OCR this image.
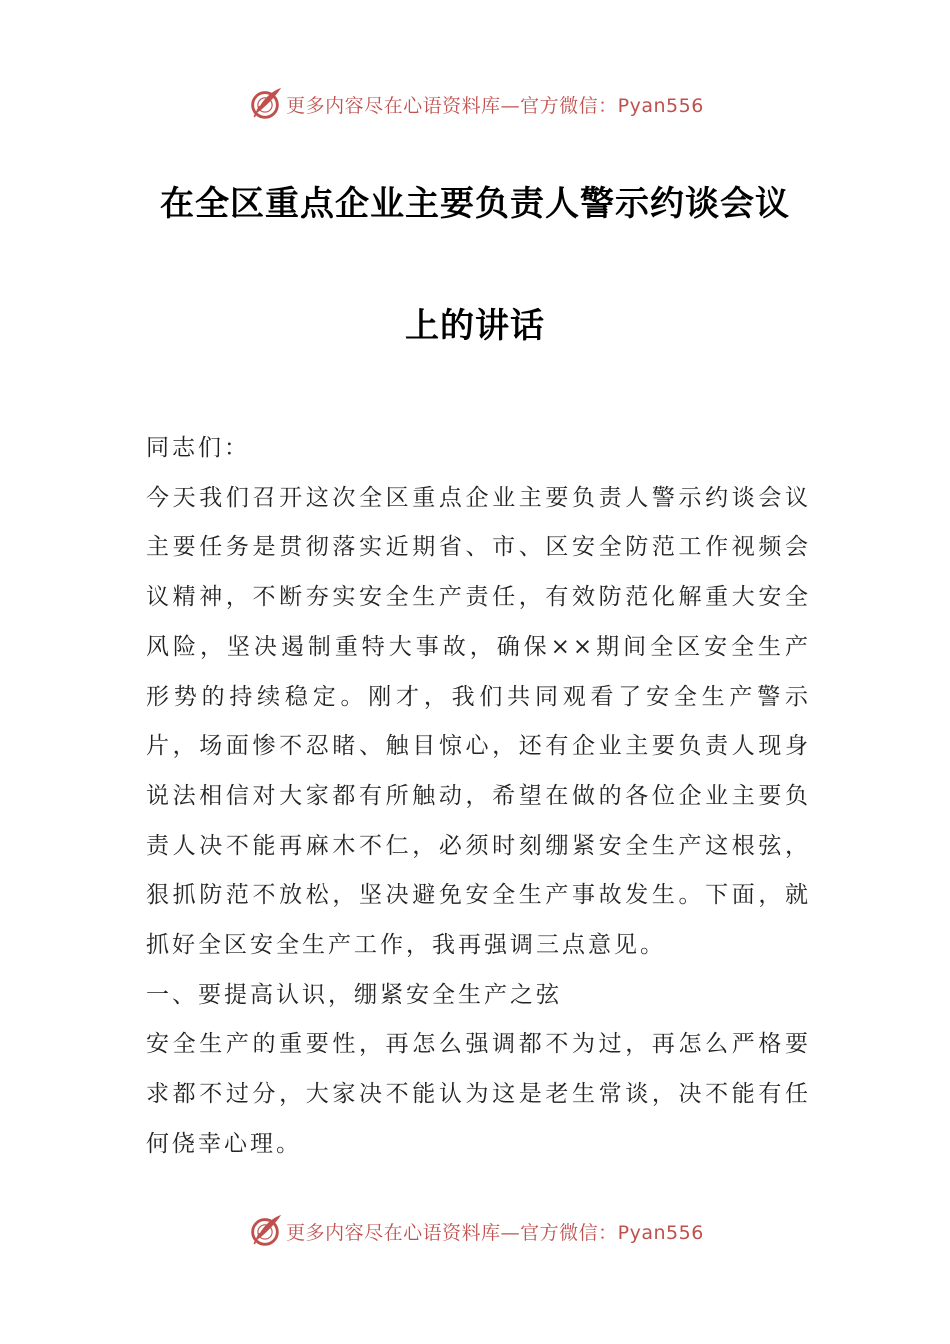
更多内容尽在心语资料库—官方微信：Pyan556
在全区重点企业主要负责人警示约谈会议
上的讲话

同志们：

今天我们召开这次全区重点企业主要负责人警示约谈会议主要任务是贯彻落实近期省、市、区安全防范工作视频会议精神，不断夯实安全生产责任，有效防范化解重大安全风险，坚决遏制重特大事故，确保××期间全区安全生产形势的持续稳定。刚才，我们共同观看了安全生产警示片，场面惨不忍睹、触目惊心，还有企业主要负责人现身说法相信对大家都有所触动，希望在做的各位企业主要负责人决不能再麻木不仁，必须时刻绷紧安全生产这根弦，狠抓防范不放松，坚决避免安全生产事故发生。下面，就抓好全区安全生产工作，我再强调三点意见。

一、要提高认识，绷紧安全生产之弦

安全生产的重要性，再怎么强调都不为过，再怎么严格要求都不过分，大家决不能认为这是老生常谈，决不能有任何侥幸心理。

更多内容尽在心语资料库—官方微信：Pyan556
